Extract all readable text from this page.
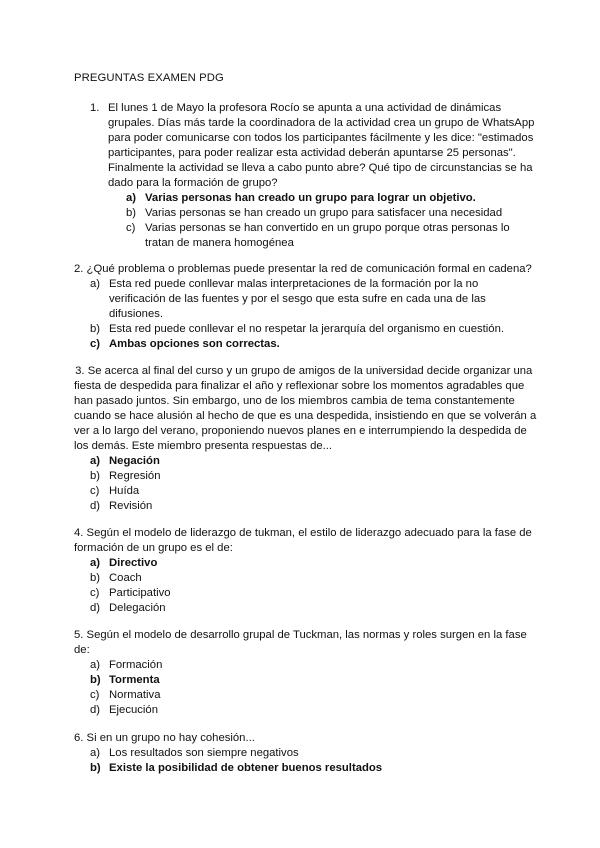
PREGUNTAS EXAMEN PDG
1. El lunes 1 de Mayo la profesora Rocío se apunta a una actividad de dinámicas
grupales. Días más tarde la coordinadora de la actividad crea un grupo de WhatsApp
para poder comunicarse con todos los participantes fácilmente y les dice: "estimados
participantes, para poder realizar esta actividad deberán apuntarse 25 personas".
Finalmente la actividad se lleva a cabo punto abre? Qué tipo de circunstancias se ha
dado para la formación de grupo?
a) Varias personas han creado un grupo para lograr un objetivo.
b) Varias personas se han creado un grupo para satisfacer una necesidad
c) Varias personas se han convertido en un grupo porque otras personas lo
tratan de manera homogénea
2. ¿Qué problema o problemas puede presentar la red de comunicación formal en cadena?
a) Esta red puede conllevar malas interpretaciones de la formación por la no
verificación de las fuentes y por el sesgo que esta sufre en cada una de las
difusiones.
b) Esta red puede conllevar el no respetar la jerarquía del organismo en cuestión.
c) Ambas opciones son correctas.
3. Se acerca al final del curso y un grupo de amigos de la universidad decide organizar una
fiesta de despedida para finalizar el año y reflexionar sobre los momentos agradables que
han pasado juntos. Sin embargo, uno de los miembros cambia de tema constantemente
cuando se hace alusión al hecho de que es una despedida, insistiendo en que se volverán a
ver a lo largo del verano, proponiendo nuevos planes en e interrumpiendo la despedida de
los demás. Este miembro presenta respuestas de...
a) Negación
b) Regresión
c) Huída
d) Revisión
4. Según el modelo de liderazgo de tukman, el estilo de liderazgo adecuado para la fase de
formación de un grupo es el de:
a) Directivo
b) Coach
c) Participativo
d) Delegación
5. Según el modelo de desarrollo grupal de Tuckman, las normas y roles surgen en la fase
de:
a) Formación
b) Tormenta
c) Normativa
d) Ejecución
6. Si en un grupo no hay cohesión...
a) Los resultados son siempre negativos
b) Existe la posibilidad de obtener buenos resultados
